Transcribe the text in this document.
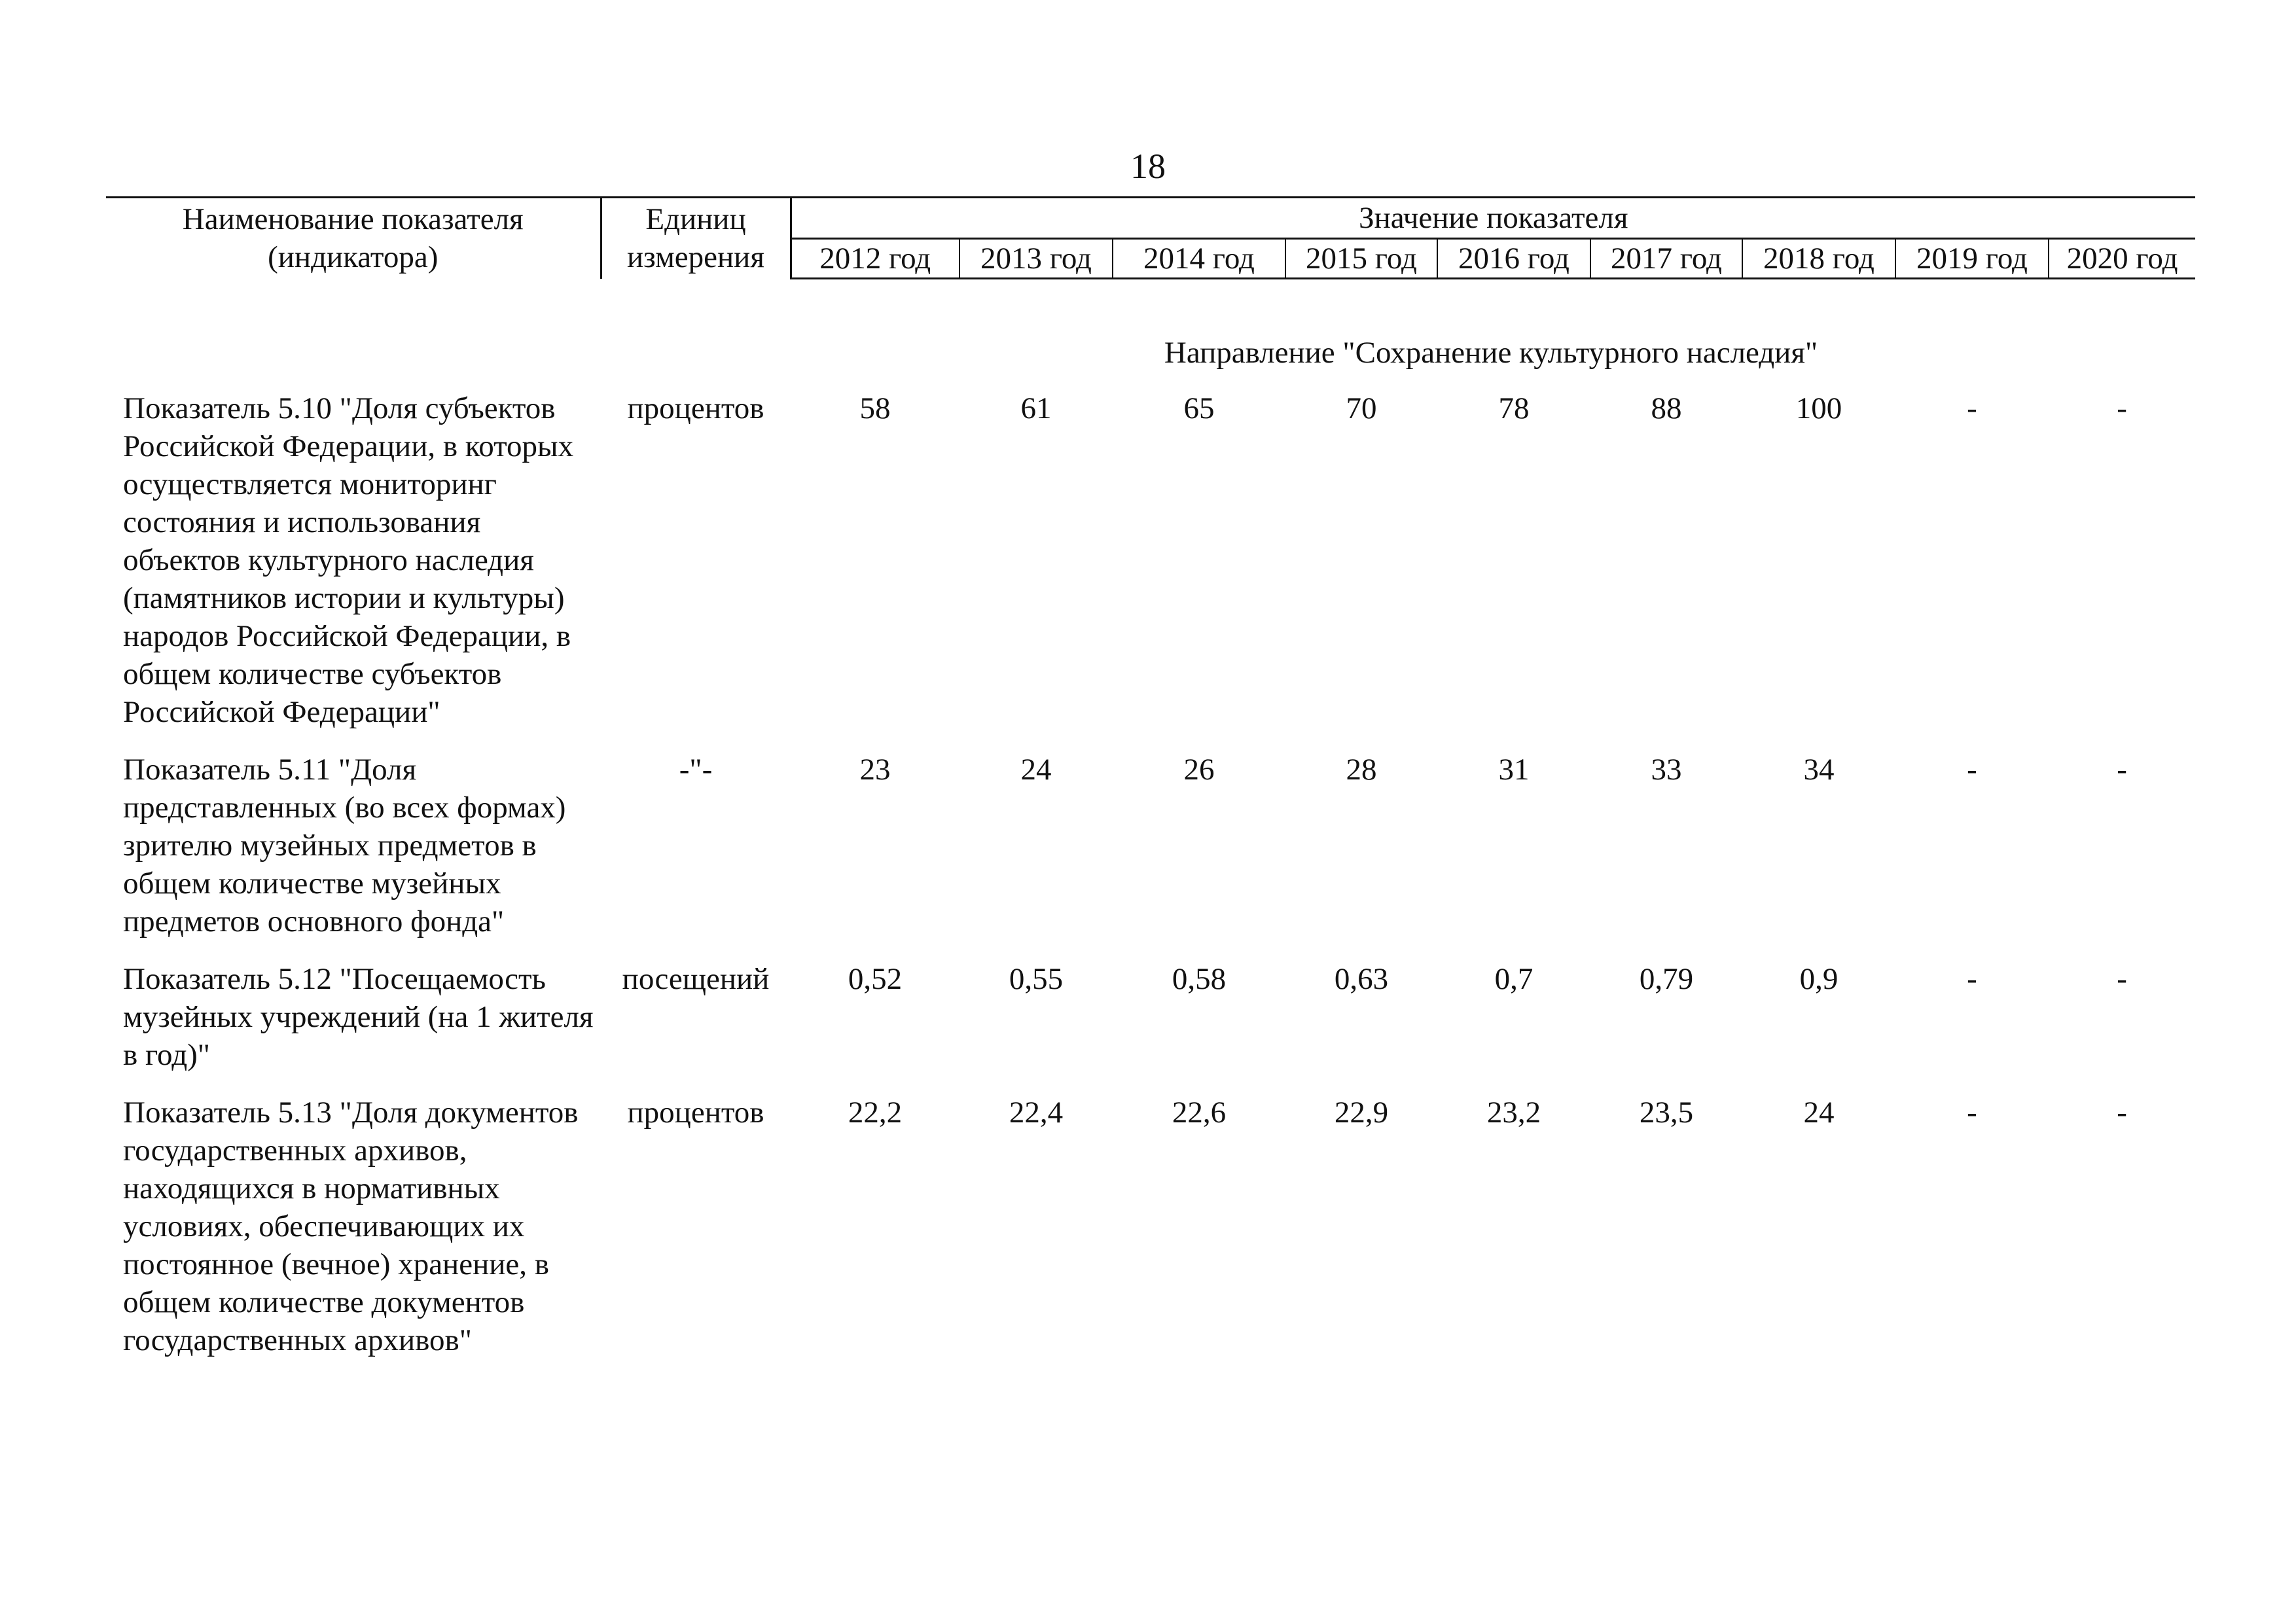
18
Наименование показателя (индикатора)	Единиц измерения	Значение показателя								
		2012 год	2013 год	2014 год	2015 год	2016 год	2017 год	2018 год	2019 год	2020 год

Направление "Сохранение культурного наследия"										
Показатель 5.10 "Доля субъектов Российской Федерации, в которых осуществляется мониторинг состояния и использования объектов культурного наследия (памятников истории и культуры) народов Российской Федерации, в общем количестве субъектов Российской Федерации"	процентов	58	61	65	70	78	88	100	-	-
Показатель 5.11 "Доля представленных (во всех формах) зрителю музейных предметов в общем количестве музейных предметов основного фонда"	-"-	23	24	26	28	31	33	34	-	-
Показатель 5.12 "Посещаемость музейных учреждений (на 1 жителя в год)"	посещений	0,52	0,55	0,58	0,63	0,7	0,79	0,9	-	-
Показатель 5.13 "Доля документов государственных архивов, находящихся в нормативных условиях, обеспечивающих их постоянное (вечное) хранение, в общем количестве документов государственных архивов"	процентов	22,2	22,4	22,6	22,9	23,2	23,5	24	-	-
